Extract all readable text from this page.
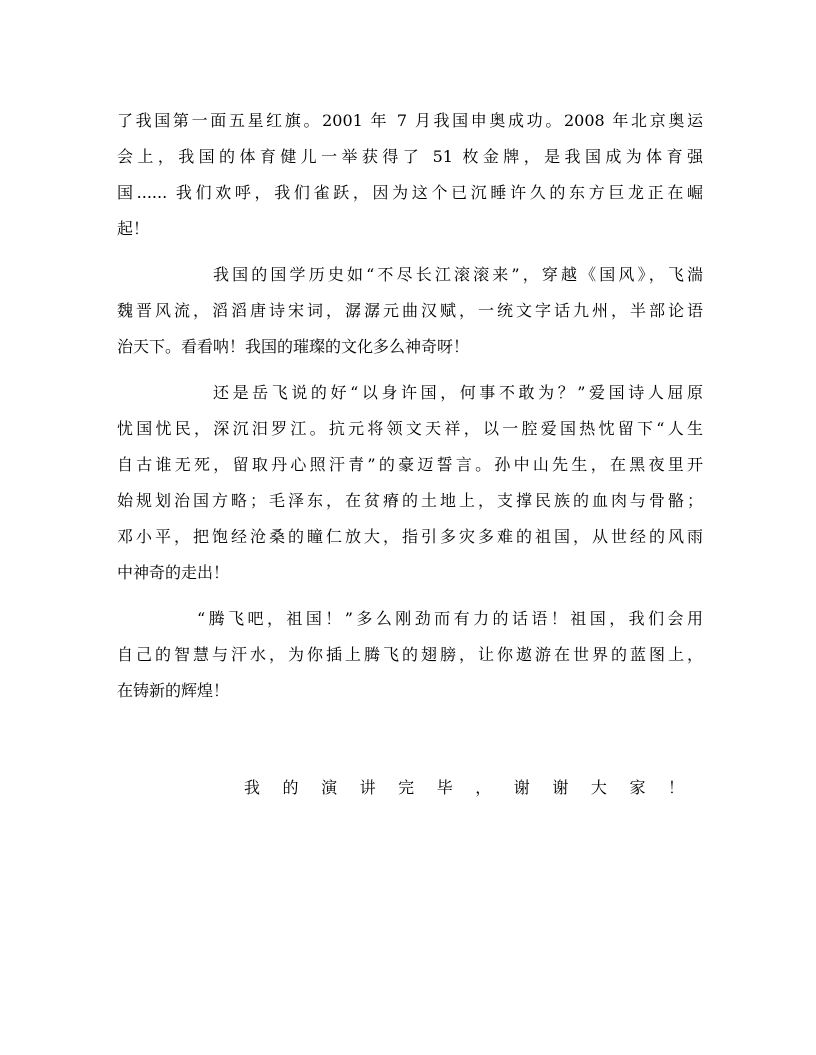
了我国第一面五星红旗。2001 年 7 月我国申奥成功。2008 年北京奥运
会上，我国的体育健儿一举获得了 51 枚金牌，是我国成为体育强
国...... 我们欢呼，我们雀跃，因为这个已沉睡许久的东方巨龙正在崛
起！
我国的国学历史如“不尽长江滚滚来”，穿越《国风》，飞湍
魏晋风流，滔滔唐诗宋词，潺潺元曲汉赋，一统文字话九州，半部论语
治天下。看看呐！我国的璀璨的文化多么神奇呀！
还是岳飞说的好“以身许国，何事不敢为？”爱国诗人屈原
忧国忧民，深沉汨罗江。抗元将领文天祥，以一腔爱国热忱留下“人生
自古谁无死，留取丹心照汗青”的豪迈誓言。孙中山先生，在黑夜里开
始规划治国方略；毛泽东，在贫瘠的土地上，支撑民族的血肉与骨骼；
邓小平，把饱经沧桑的瞳仁放大，指引多灾多难的祖国，从世经的风雨
中神奇的走出！
“腾飞吧，祖国！”多么刚劲而有力的话语！祖国，我们会用
自己的智慧与汗水，为你插上腾飞的翅膀，让你遨游在世界的蓝图上，
在铸新的辉煌！
我的演讲完毕，谢谢大家！
